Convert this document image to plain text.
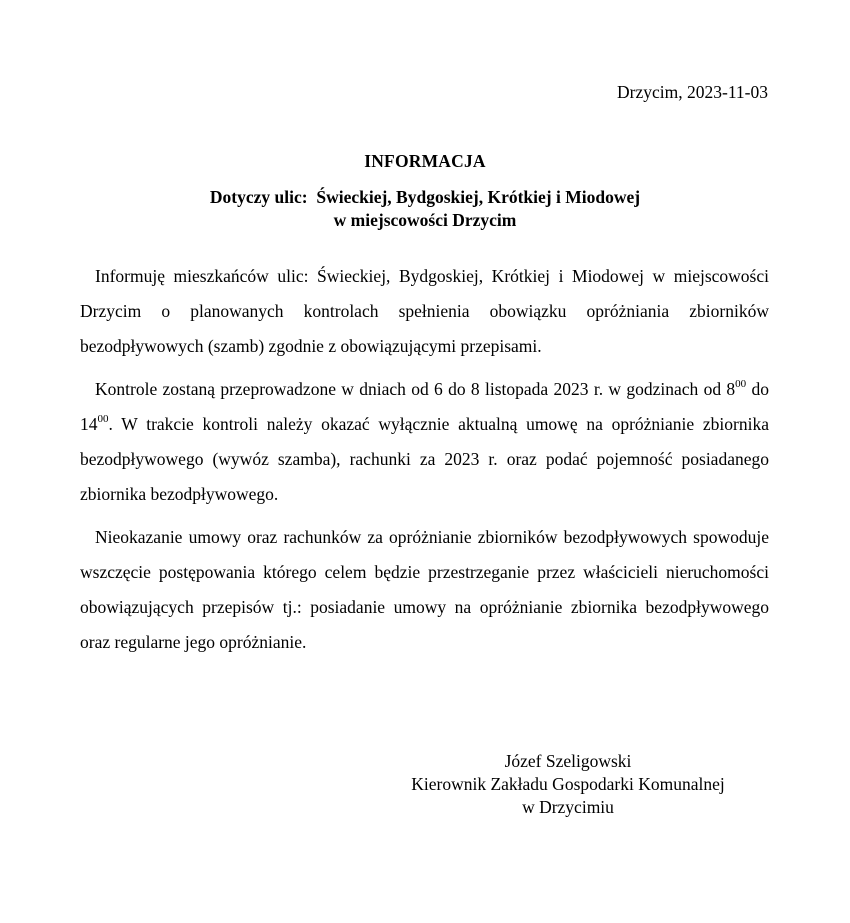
Drzycim, 2023-11-03
INFORMACJA
Dotyczy ulic:  Świeckiej, Bydgoskiej, Krótkiej i Miodowej
w miejscowości Drzycim

Informuję mieszkańców ulic: Świeckiej, Bydgoskiej, Krótkiej i Miodowej w miejscowości Drzycim o planowanych kontrolach spełnienia obowiązku opróżniania zbiorników bezodpływowych (szamb) zgodnie z obowiązującymi przepisami.

Kontrole zostaną przeprowadzone w dniach od 6 do 8 listopada 2023 r. w godzinach od $8^{00}$ do $14^{00}$. W trakcie kontroli należy okazać wyłącznie aktualną umowę na opróżnianie zbiornika bezodpływowego (wywóz szamba), rachunki za 2023 r. oraz podać pojemność posiadanego zbiornika bezodpływowego.

Nieokazanie umowy oraz rachunków za opróżnianie zbiorników bezodpływowych spowoduje wszczęcie postępowania którego celem będzie przestrzeganie przez właścicieli nieruchomości obowiązujących przepisów tj.: posiadanie umowy na opróżnianie zbiornika bezodpływowego oraz regularne jego opróżnianie.

Józef Szeligowski
Kierownik Zakładu Gospodarki Komunalnej
w Drzycimiu
